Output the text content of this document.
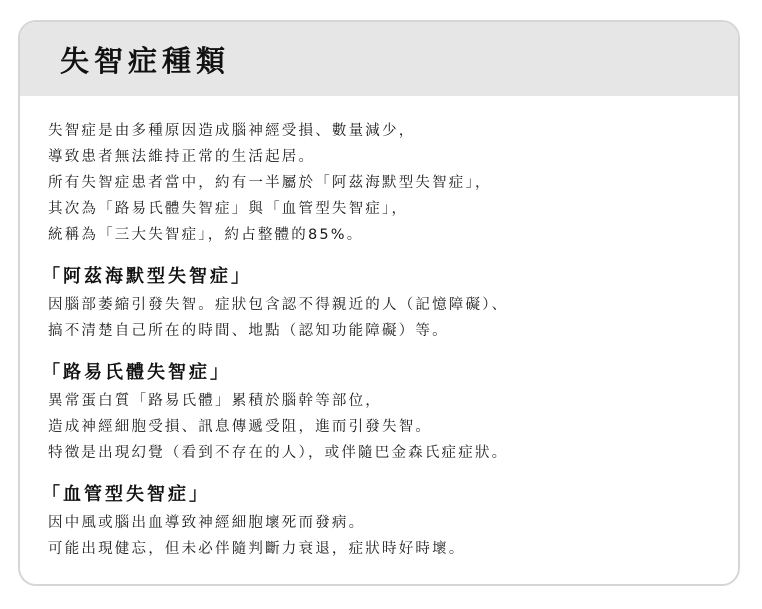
失智症種類
失智症是由多種原因造成腦神經受損、數量減少，
導致患者無法維持正常的生活起居。
所有失智症患者當中，約有一半屬於「阿茲海默型失智症」，
其次為「路易氏體失智症」與「血管型失智症」，
統稱為「三大失智症」，約占整體的85%。
「阿茲海默型失智症」
因腦部萎縮引發失智。症狀包含認不得親近的人（記憶障礙）、
搞不清楚自己所在的時間、地點（認知功能障礙）等。
「路易氏體失智症」
異常蛋白質「路易氏體」累積於腦幹等部位，
造成神經細胞受損、訊息傳遞受阻，進而引發失智。
特徵是出現幻覺（看到不存在的人），或伴隨巴金森氏症症狀。
「血管型失智症」
因中風或腦出血導致神經細胞壞死而發病。
可能出現健忘，但未必伴隨判斷力衰退，症狀時好時壞。
